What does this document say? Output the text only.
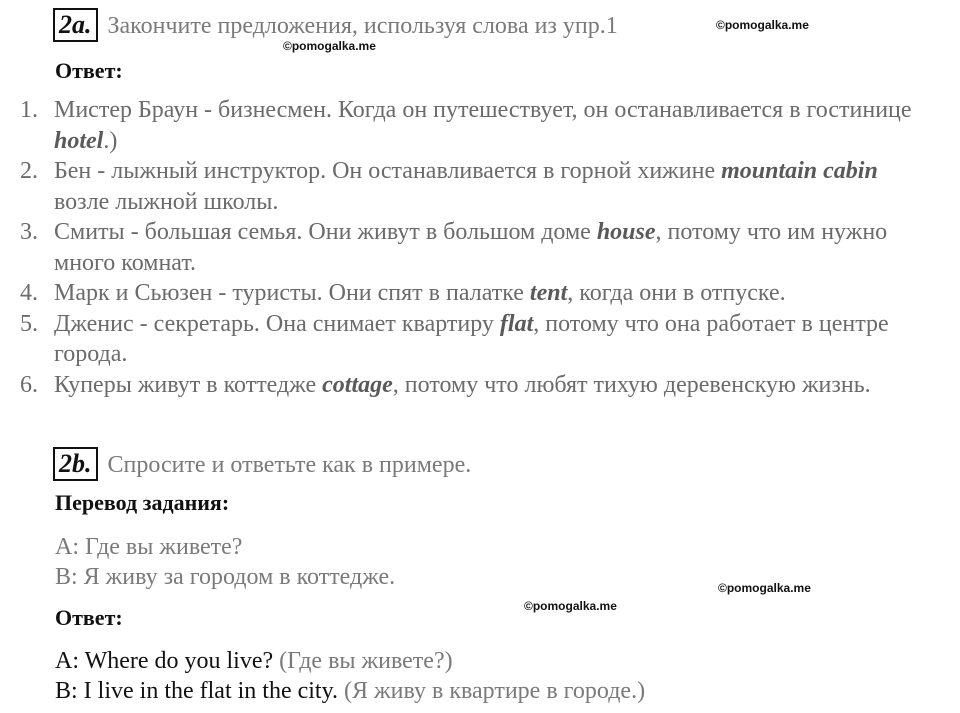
2a. Закончите предложения, используя слова из упр.1	©pomogalka.me
©pomogalka.me
Ответ:
1. Мистер Браун - бизнесмен. Когда он путешествует, он останавливается в гостинице hotel.)
2. Бен - лыжный инструктор. Он останавливается в горной хижине mountain cabin возле лыжной школы.
3. Смиты - большая семья. Они живут в большом доме house, потому что им нужно много комнат.
4. Марк и Сьюзен - туристы. Они спят в палатке tent, когда они в отпуске.
5. Дженис - секретарь. Она снимает квартиру flat, потому что она работает в центре города.
6. Куперы живут в коттедже cottage, потому что любят тихую деревенскую жизнь.
2b. Спросите и ответьте как в примере.
Перевод задания:
А: Где вы живете?
В: Я живу за городом в коттедже.	©pomogalka.me
©pomogalka.me
Ответ:
A: Where do you live? (Где вы живете?)
B: I live in the flat in the city. (Я живу в квартире в городе.)
